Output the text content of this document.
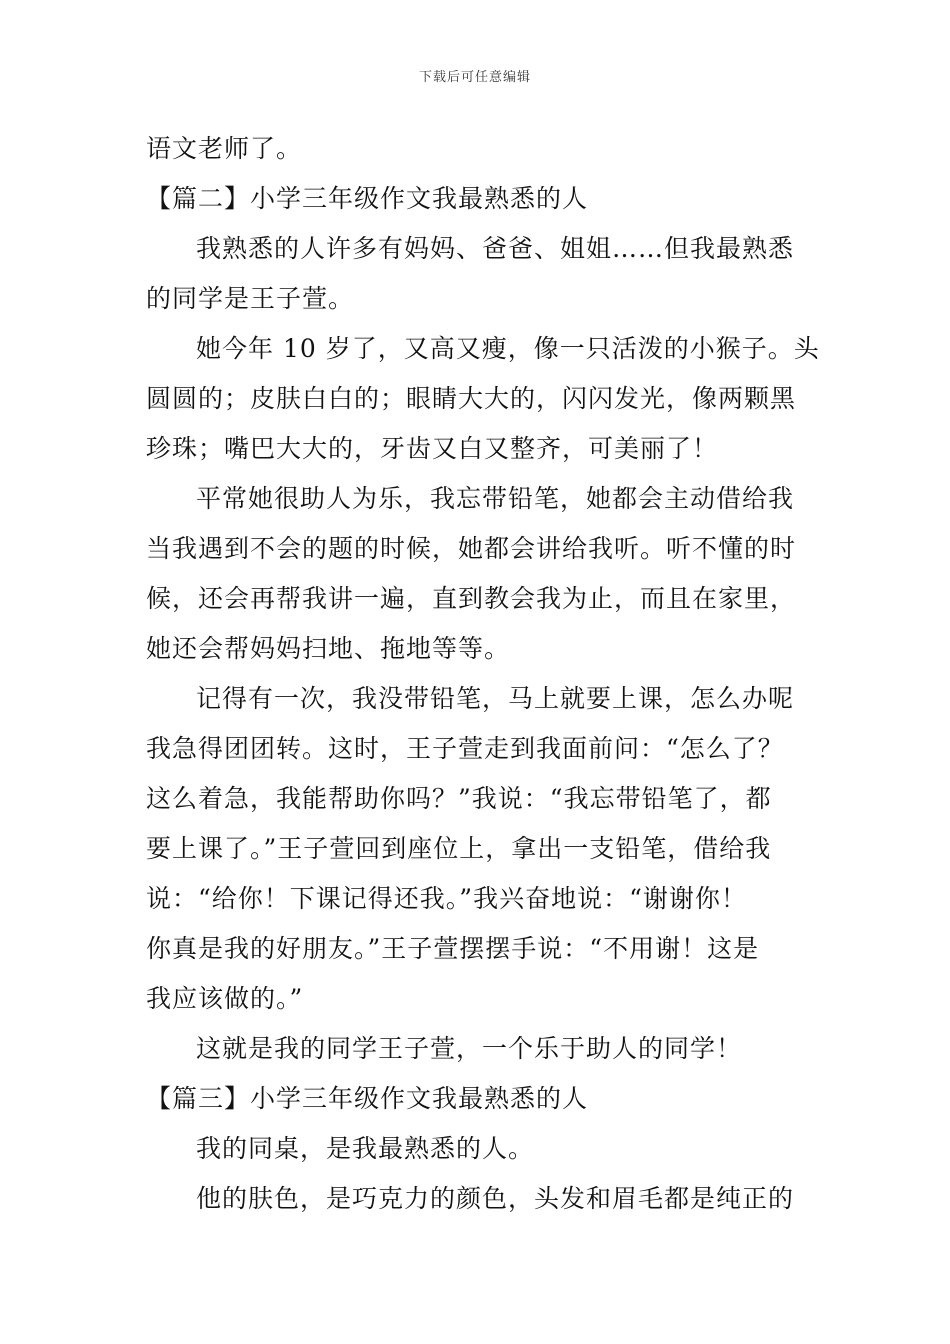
下载后可任意编辑
语文老师了。
【篇二】小学三年级作文我最熟悉的人
我熟悉的人许多有妈妈、爸爸、姐姐……但我最熟悉
的同学是王子萱。
她今年 10 岁了，又高又瘦，像一只活泼的小猴子。头
圆圆的；皮肤白白的；眼睛大大的，闪闪发光，像两颗黑
珍珠；嘴巴大大的，牙齿又白又整齐，可美丽了！
平常她很助人为乐，我忘带铅笔，她都会主动借给我
当我遇到不会的题的时候，她都会讲给我听。听不懂的时
候，还会再帮我讲一遍，直到教会我为止，而且在家里，
她还会帮妈妈扫地、拖地等等。
记得有一次，我没带铅笔，马上就要上课，怎么办呢
我急得团团转。这时，王子萱走到我面前问：“怎么了？
这么着急，我能帮助你吗？”我说：“我忘带铅笔了，都
要上课了。”王子萱回到座位上，拿出一支铅笔，借给我
说：“给你！下课记得还我。”我兴奋地说：“谢谢你！
你真是我的好朋友。”王子萱摆摆手说：“不用谢！这是
我应该做的。”
这就是我的同学王子萱，一个乐于助人的同学！
【篇三】小学三年级作文我最熟悉的人
我的同桌，是我最熟悉的人。
他的肤色，是巧克力的颜色，头发和眉毛都是纯正的
